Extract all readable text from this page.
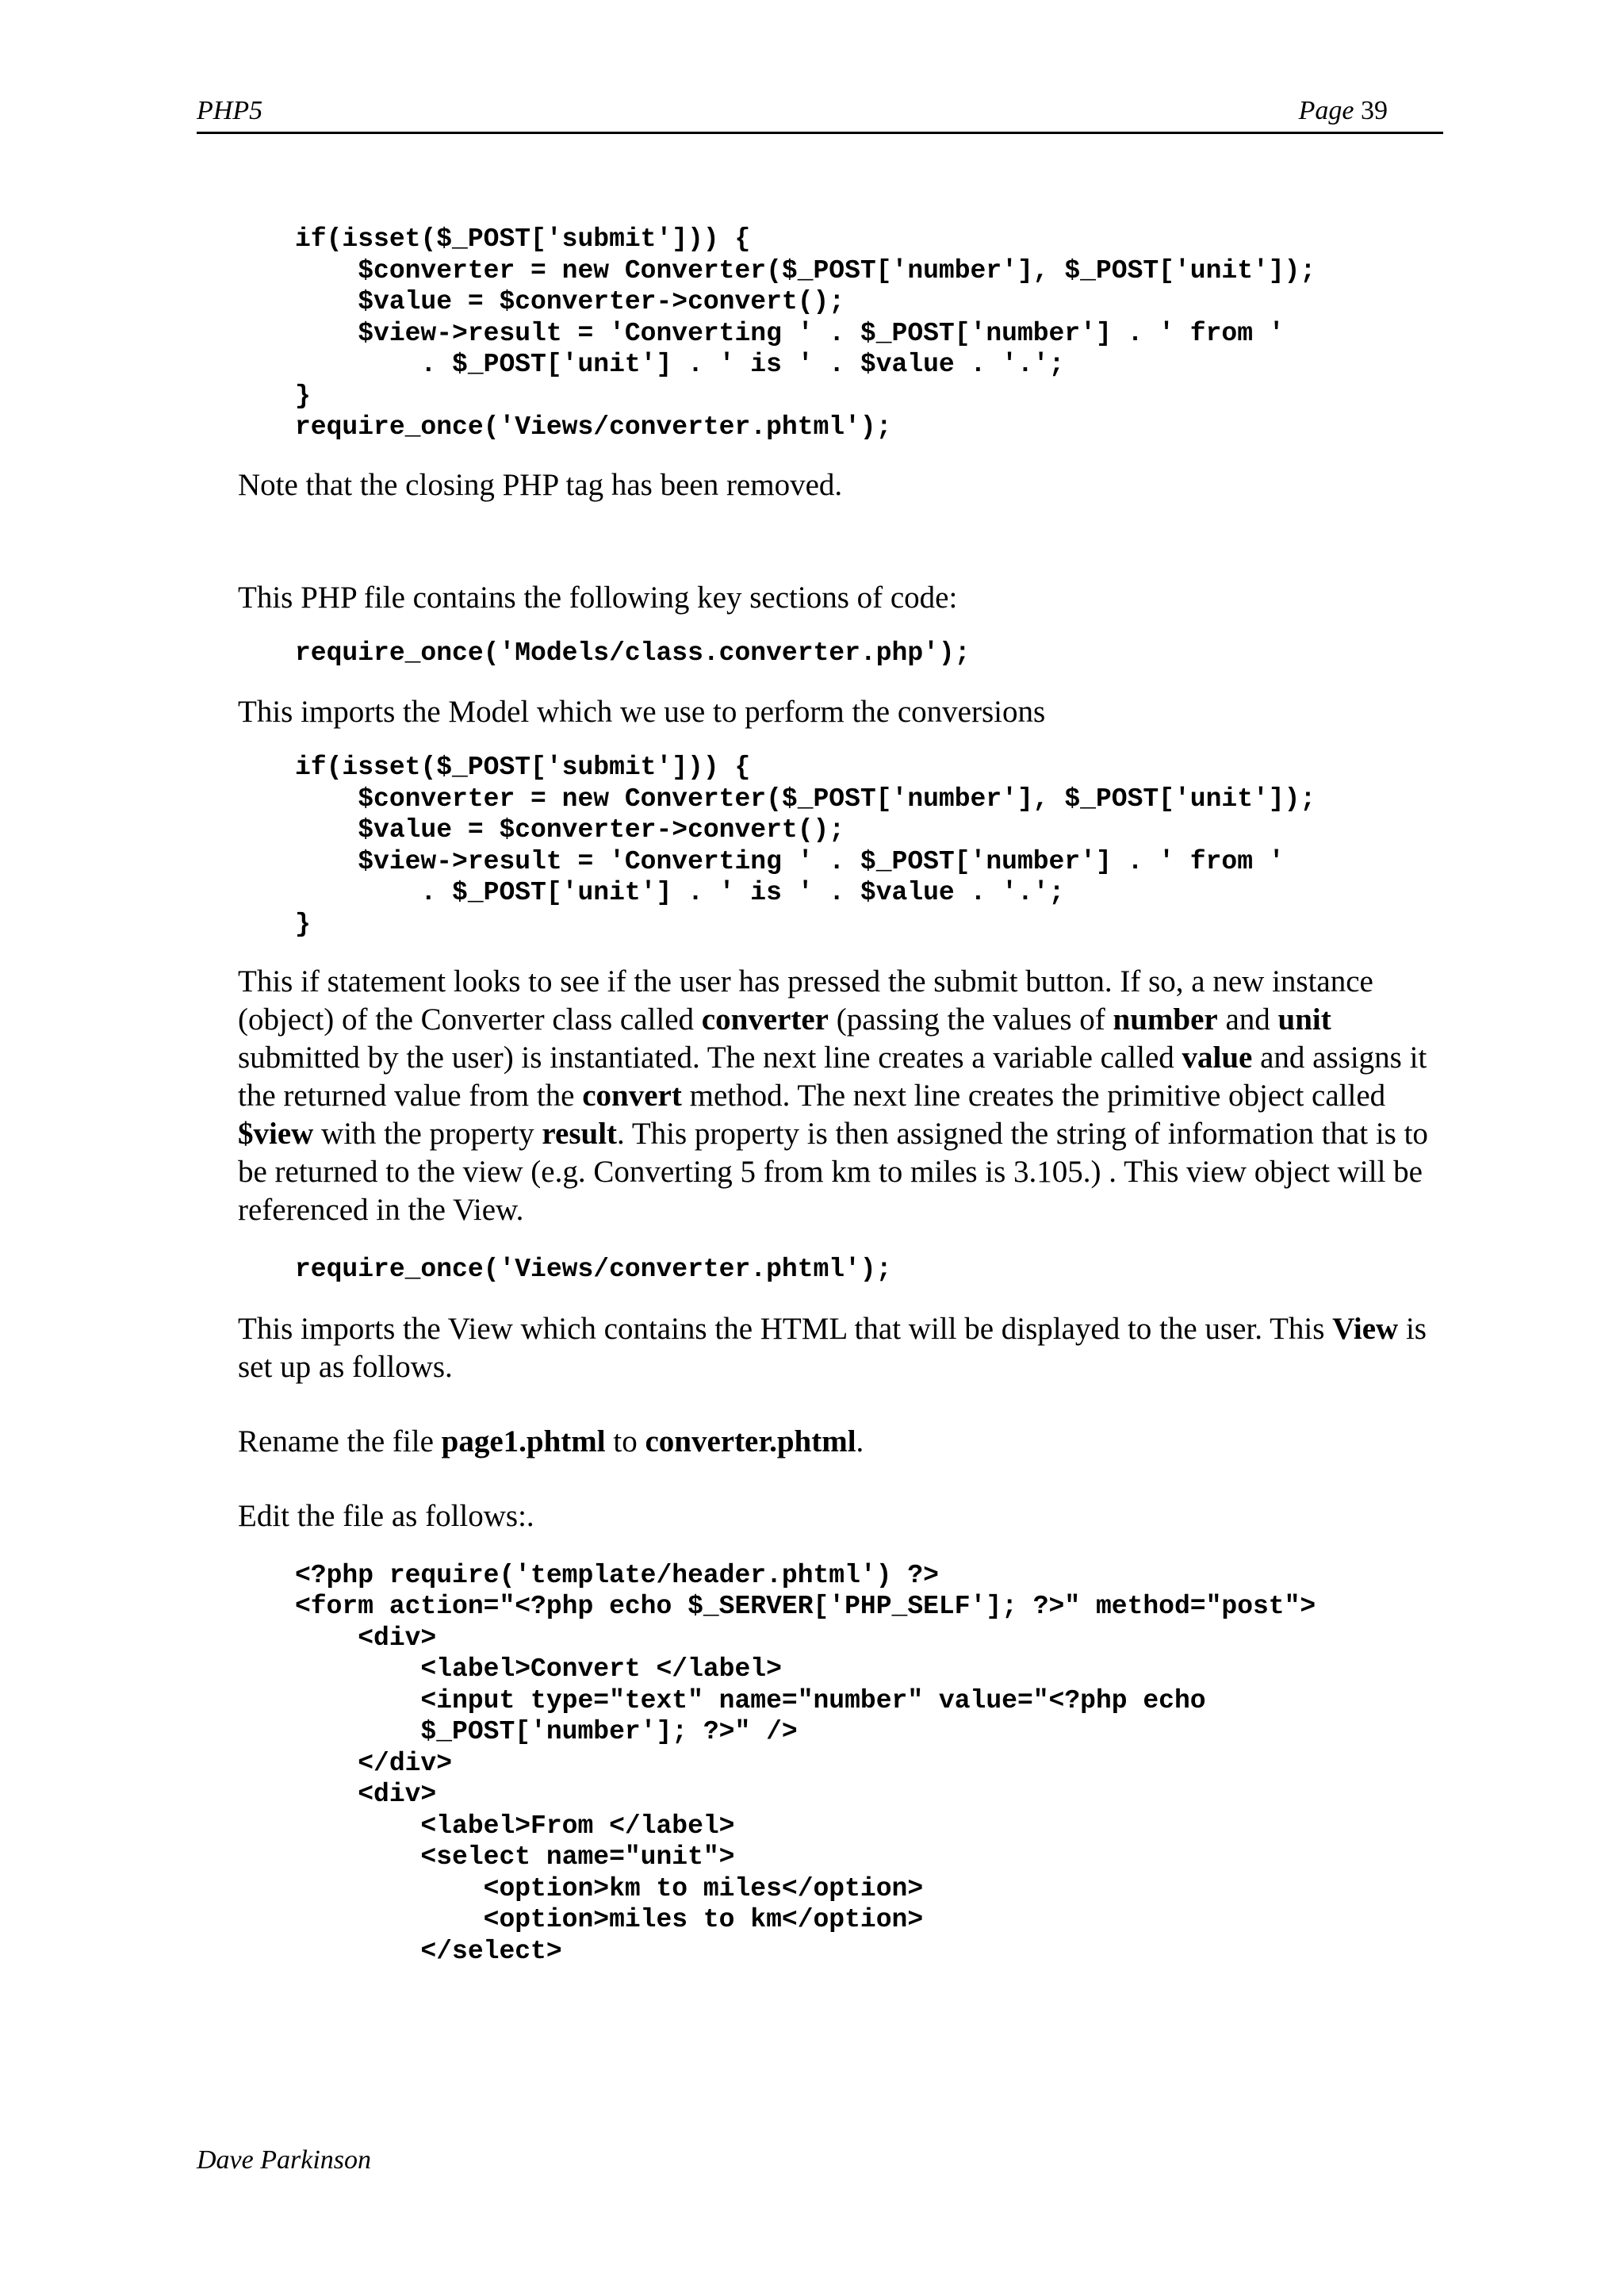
PHP5	Page 39
if(isset($_POST['submit'])) {
$converter = new Converter($_POST['number'], $_POST['unit']);
$value = $converter->convert();
$view->result = 'Converting ' . $_POST['number'] . ' from '
. $_POST['unit'] . ' is ' . $value . '.';
}
require_once('Views/converter.phtml');

Note that the closing PHP tag has been removed.

This PHP file contains the following key sections of code:

require_once('Models/class.converter.php');

This imports the Model which we use to perform the conversions

if(isset($_POST['submit'])) {
$converter = new Converter($_POST['number'], $_POST['unit']);
$value = $converter->convert();
$view->result = 'Converting ' . $_POST['number'] . ' from '
. $_POST['unit'] . ' is ' . $value . '.';
}

This if statement looks to see if the user has pressed the submit button. If so, a new instance (object) of the Converter class called converter (passing the values of number and unit submitted by the user) is instantiated. The next line creates a variable called value and assigns it the returned value from the convert method. The next line creates the primitive object called $view with the property result. This property is then assigned the string of information that is to be returned to the view (e.g. Converting 5 from km to miles is 3.105.) . This view object will be referenced in the View.

require_once('Views/converter.phtml');

This imports the View which contains the HTML that will be displayed to the user. This View is set up as follows.

Rename the file page1.phtml to converter.phtml.

Edit the file as follows:.

<?php require('template/header.phtml') ?>
<form action="<?php echo $_SERVER['PHP_SELF']; ?>" method="post">
<div>
<label>Convert </label>
<input type="text" name="number" value="<?php echo
$_POST['number']; ?>" />
</div>
<div>
<label>From </label>
<select name="unit">
<option>km to miles</option>
<option>miles to km</option>
</select>
Dave Parkinson
